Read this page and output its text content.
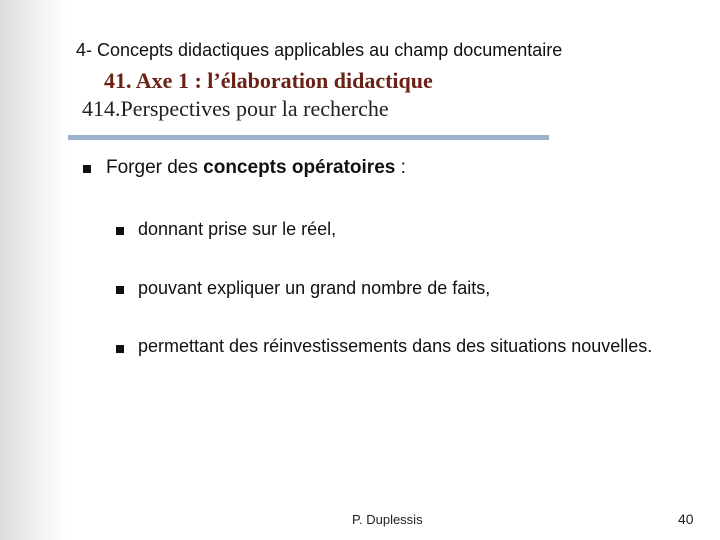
4- Concepts didactiques applicables au champ documentaire
41. Axe 1 : l’élaboration didactique
414.Perspectives pour la recherche
Forger des concepts opératoires :
donnant prise sur le réel,
pouvant expliquer un grand nombre de faits,
permettant des réinvestissements dans des situations nouvelles.
P. Duplessis	40
